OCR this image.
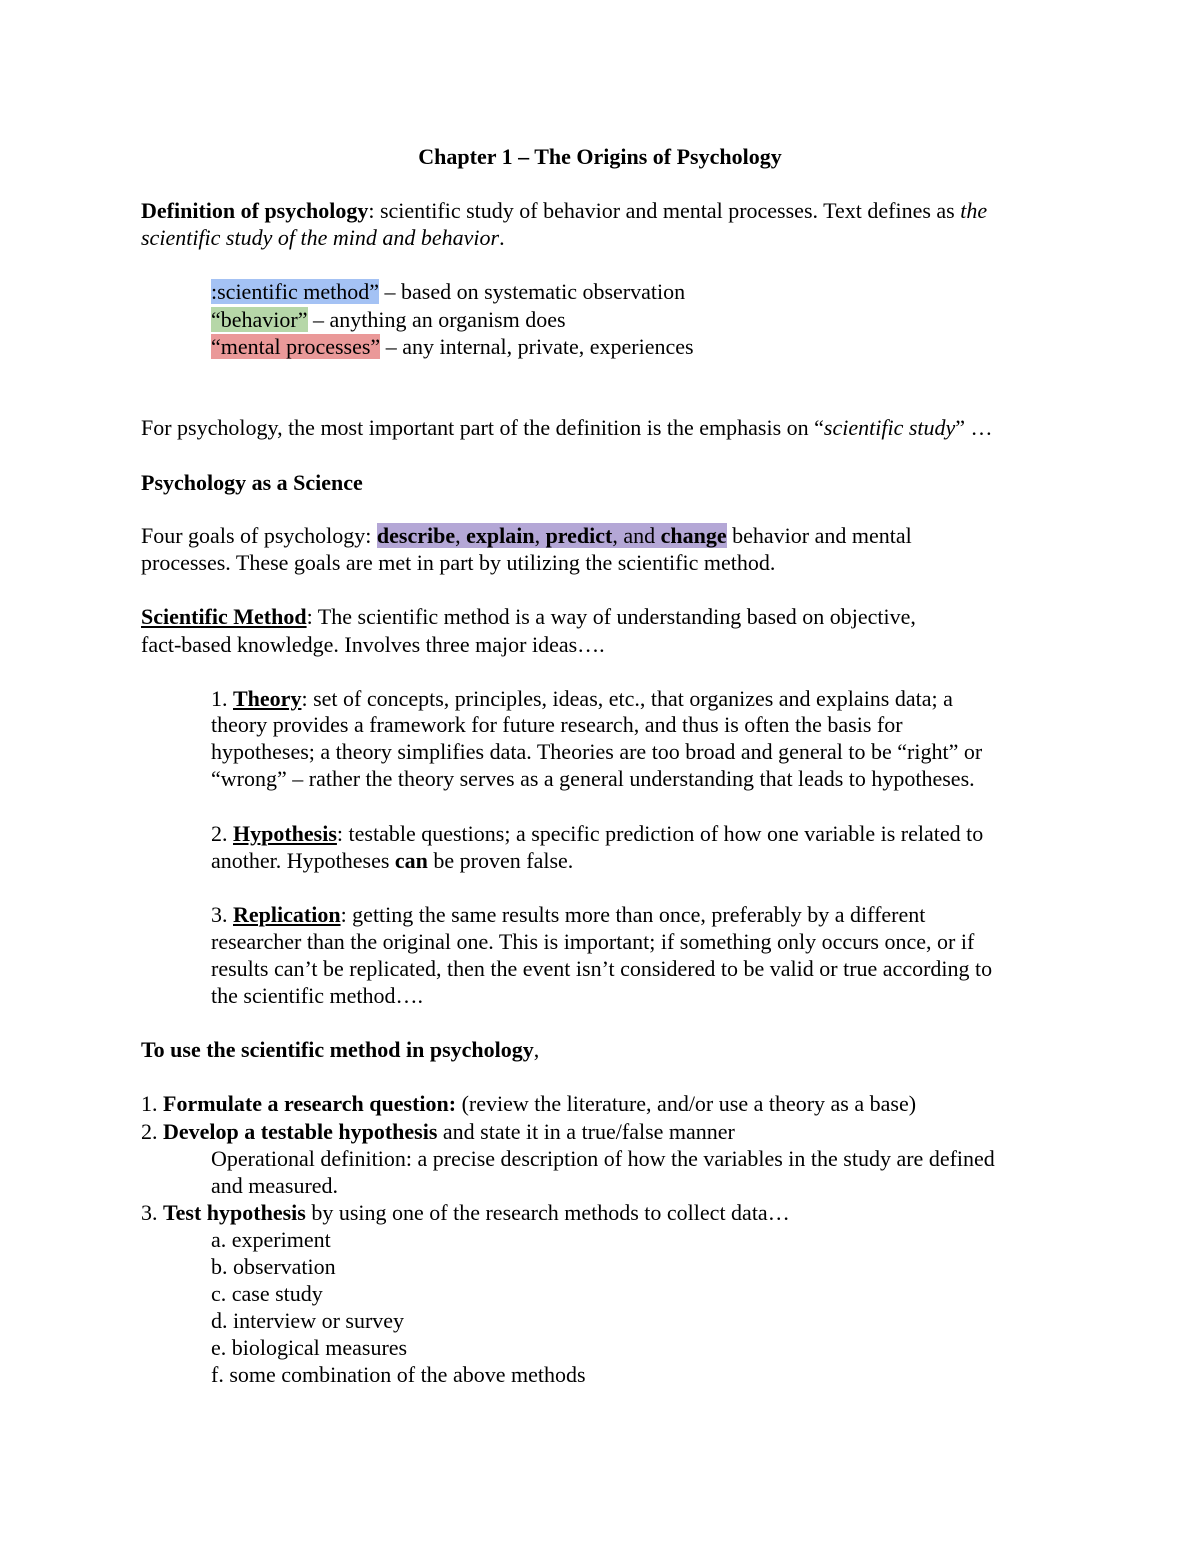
Chapter 1 – The Origins of Psychology
Definition of psychology: scientific study of behavior and mental processes. Text defines as the
scientific study of the mind and behavior.
:scientific method” – based on systematic observation
“behavior” – anything an organism does
“mental processes” – any internal, private, experiences
For psychology, the most important part of the definition is the emphasis on “scientific study” …
Psychology as a Science
Four goals of psychology: describe, explain, predict, and change behavior and mental
processes. These goals are met in part by utilizing the scientific method.
Scientific Method: The scientific method is a way of understanding based on objective,
fact-based knowledge. Involves three major ideas….
1. Theory: set of concepts, principles, ideas, etc., that organizes and explains data; a
theory provides a framework for future research, and thus is often the basis for
hypotheses; a theory simplifies data. Theories are too broad and general to be “right” or
“wrong” – rather the theory serves as a general understanding that leads to hypotheses.
2. Hypothesis: testable questions; a specific prediction of how one variable is related to
another. Hypotheses can be proven false.
3. Replication: getting the same results more than once, preferably by a different
researcher than the original one. This is important; if something only occurs once, or if
results can’t be replicated, then the event isn’t considered to be valid or true according to
the scientific method….
To use the scientific method in psychology,
1. Formulate a research question: (review the literature, and/or use a theory as a base)
2. Develop a testable hypothesis and state it in a true/false manner
Operational definition: a precise description of how the variables in the study are defined
and measured.
3. Test hypothesis by using one of the research methods to collect data…
a. experiment
b. observation
c. case study
d. interview or survey
e. biological measures
f. some combination of the above methods
